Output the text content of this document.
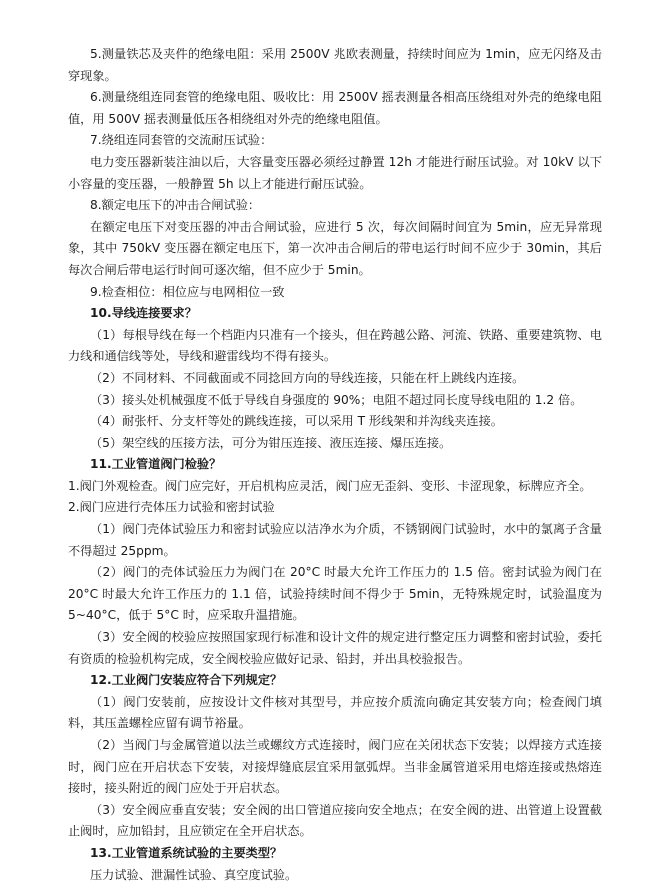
5.测量铁芯及夹件的绝缘电阻：采用 2500V 兆欧表测量，持续时间应为 1min，应无闪络及击穿现象。

6.测量绕组连同套管的绝缘电阻、吸收比：用 2500V 摇表测量各相高压绕组对外壳的绝缘电阻值，用 500V 摇表测量低压各相绕组对外壳的绝缘电阻值。

7.绕组连同套管的交流耐压试验：

电力变压器新装注油以后，大容量变压器必须经过静置 12h 才能进行耐压试验。对 10kV 以下小容量的变压器，一般静置 5h 以上才能进行耐压试验。

8.额定电压下的冲击合闸试验：

在额定电压下对变压器的冲击合闸试验，应进行 5 次，每次间隔时间宜为 5min，应无异常现象，其中 750kV 变压器在额定电压下，第一次冲击合闸后的带电运行时间不应少于 30min，其后每次合闸后带电运行时间可逐次缩，但不应少于 5min。

9.检查相位：相位应与电网相位一致

10.导线连接要求？

（1）每根导线在每一个档距内只准有一个接头，但在跨越公路、河流、铁路、重要建筑物、电力线和通信线等处，导线和避雷线均不得有接头。

（2）不同材料、不同截面或不同捻回方向的导线连接，只能在杆上跳线内连接。

（3）接头处机械强度不低于导线自身强度的 90%；电阻不超过同长度导线电阻的 1.2 倍。

（4）耐张杆、分支杆等处的跳线连接，可以采用 T 形线架和并沟线夹连接。

（5）架空线的压接方法，可分为钳压连接、液压连接、爆压连接。

11.工业管道阀门检验？

1.阀门外观检查。阀门应完好，开启机构应灵活，阀门应无歪斜、变形、卡涩现象，标牌应齐全。

2.阀门应进行壳体压力试验和密封试验

（1）阀门壳体试验压力和密封试验应以洁净水为介质，不锈钢阀门试验时，水中的氯离子含量不得超过 25ppm。

（2）阀门的壳体试验压力为阀门在 20°C 时最大允许工作压力的 1.5 倍。密封试验为阀门在 20°C 时最大允许工作压力的 1.1 倍，试验持续时间不得少于 5min，无特殊规定时，试验温度为 5~40°C，低于 5°C 时，应采取升温措施。

（3）安全阀的校验应按照国家现行标准和设计文件的规定进行整定压力调整和密封试验，委托有资质的检验机构完成，安全阀校验应做好记录、铅封，并出具校验报告。

12.工业阀门安装应符合下列规定？

（1）阀门安装前，应按设计文件核对其型号，并应按介质流向确定其安装方向；检查阀门填料，其压盖螺栓应留有调节裕量。

（2）当阀门与金属管道以法兰或螺纹方式连接时，阀门应在关闭状态下安装；以焊接方式连接时，阀门应在开启状态下安装，对接焊缝底层宜采用氩弧焊。当非金属管道采用电熔连接或热熔连接时，接头附近的阀门应处于开启状态。

（3）安全阀应垂直安装；安全阀的出口管道应接向安全地点；在安全阀的进、出管道上设置截止阀时，应加铅封，且应锁定在全开启状态。

13.工业管道系统试验的主要类型？

压力试验、泄漏性试验、真空度试验。
